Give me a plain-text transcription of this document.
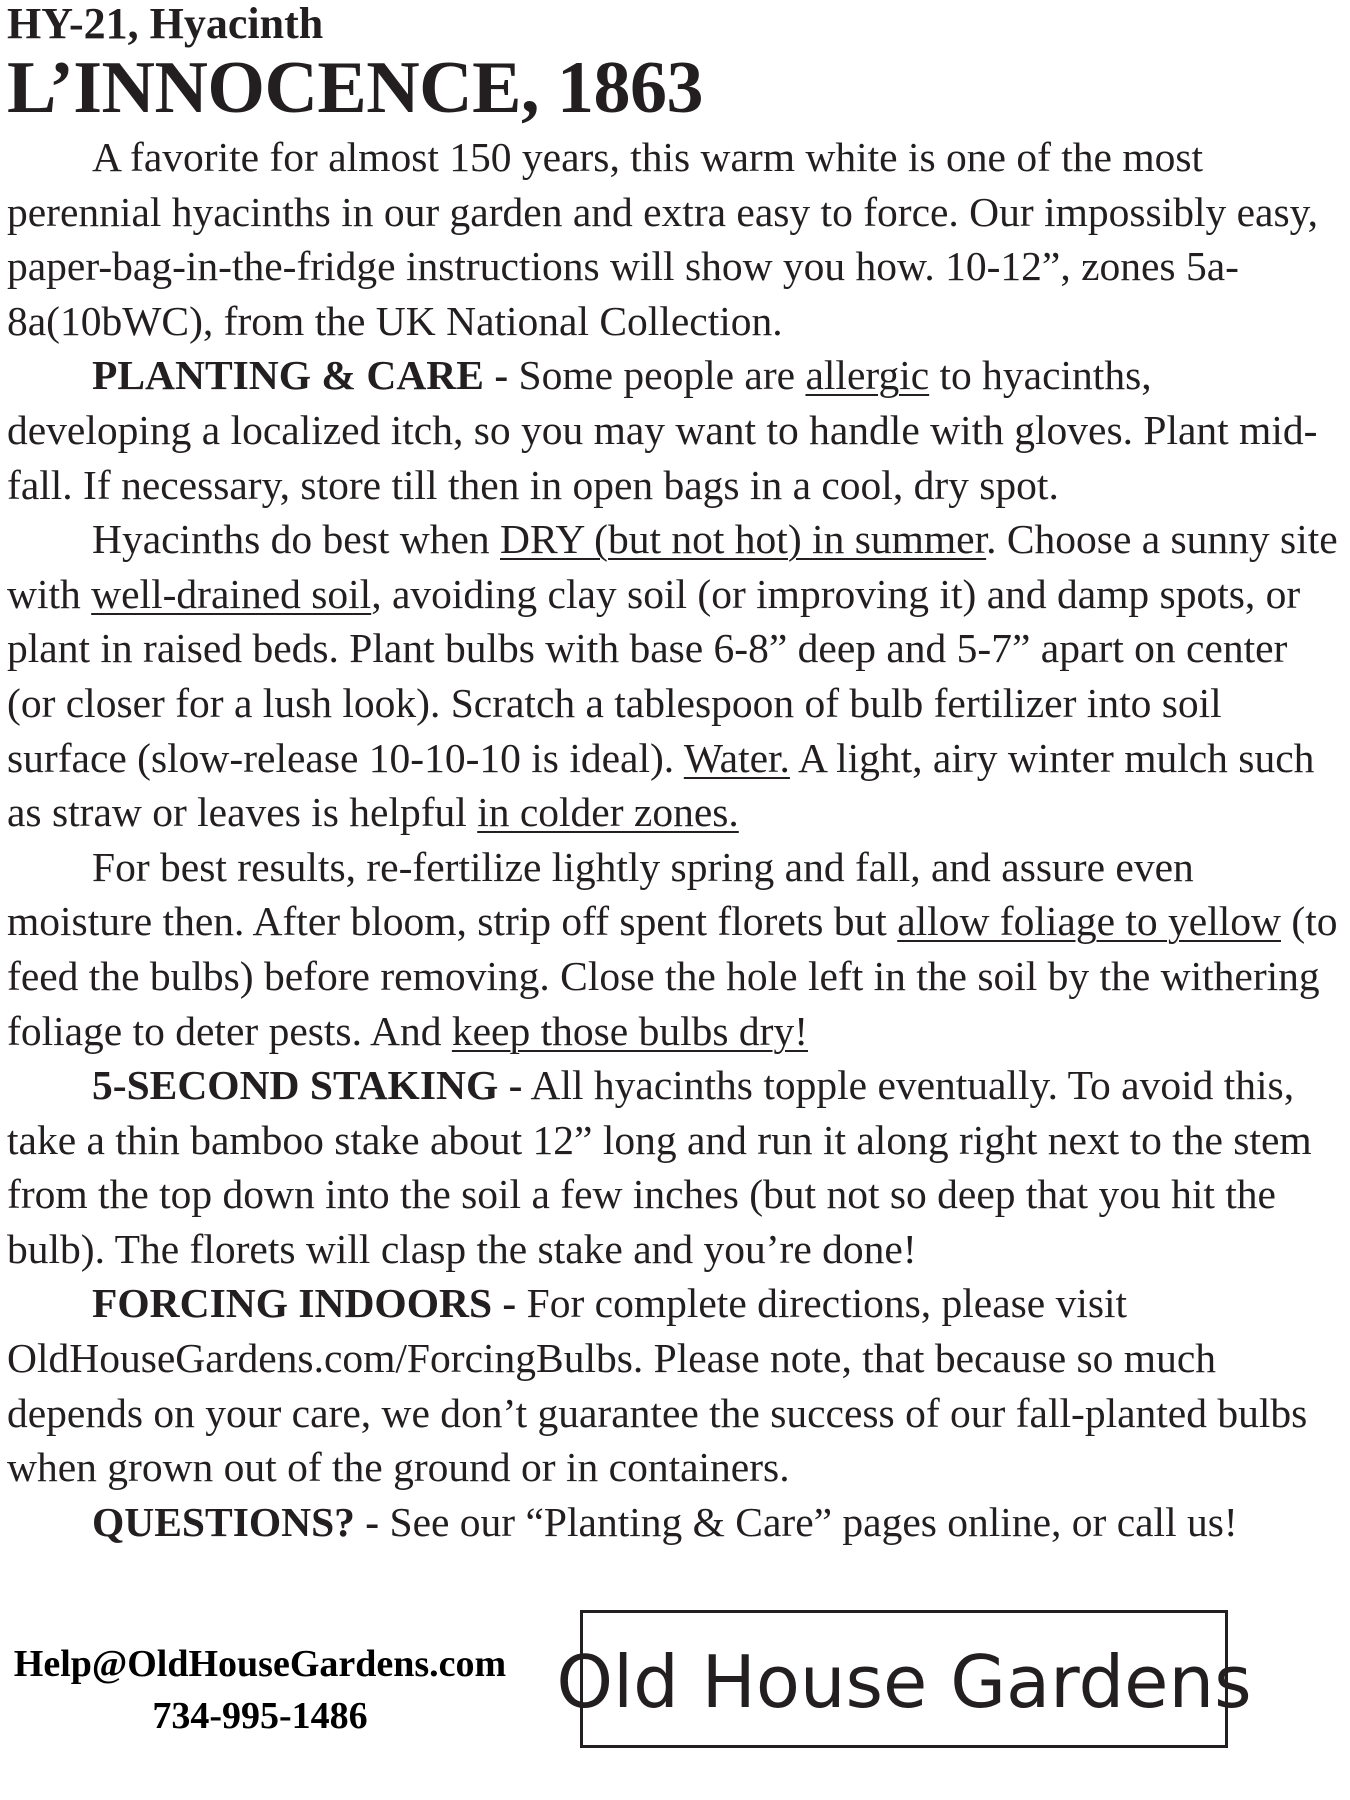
HY-21, Hyacinth
L’INNOCENCE, 1863

A favorite for almost 150 years, this warm white is one of the most perennial hyacinths in our garden and extra easy to force. Our impossibly easy, paper-bag-in-the-fridge instructions will show you how. 10-12”, zones 5a-8a(10bWC), from the UK National Collection.

PLANTING & CARE - Some people are allergic to hyacinths, developing a localized itch, so you may want to handle with gloves. Plant mid-fall. If necessary, store till then in open bags in a cool, dry spot.

Hyacinths do best when DRY (but not hot) in summer. Choose a sunny site with well-drained soil, avoiding clay soil (or improving it) and damp spots, or plant in raised beds. Plant bulbs with base 6-8” deep and 5-7” apart on center (or closer for a lush look). Scratch a tablespoon of bulb fertilizer into soil surface (slow-release 10-10-10 is ideal). Water. A light, airy winter mulch such as straw or leaves is helpful in colder zones.

For best results, re-fertilize lightly spring and fall, and assure even moisture then. After bloom, strip off spent florets but allow foliage to yellow (to feed the bulbs) before removing. Close the hole left in the soil by the withering foliage to deter pests. And keep those bulbs dry!

5-SECOND STAKING - All hyacinths topple eventually. To avoid this, take a thin bamboo stake about 12” long and run it along right next to the stem from the top down into the soil a few inches (but not so deep that you hit the bulb). The florets will clasp the stake and you’re done!

FORCING INDOORS - For complete directions, please visit OldHouseGardens.com/ForcingBulbs. Please note, that because so much depends on your care, we don’t guarantee the success of our fall-planted bulbs when grown out of the ground or in containers.

QUESTIONS? - See our “Planting & Care” pages online, or call us!

Help@OldHouseGardens.com
734-995-1486	Old House Gardens
